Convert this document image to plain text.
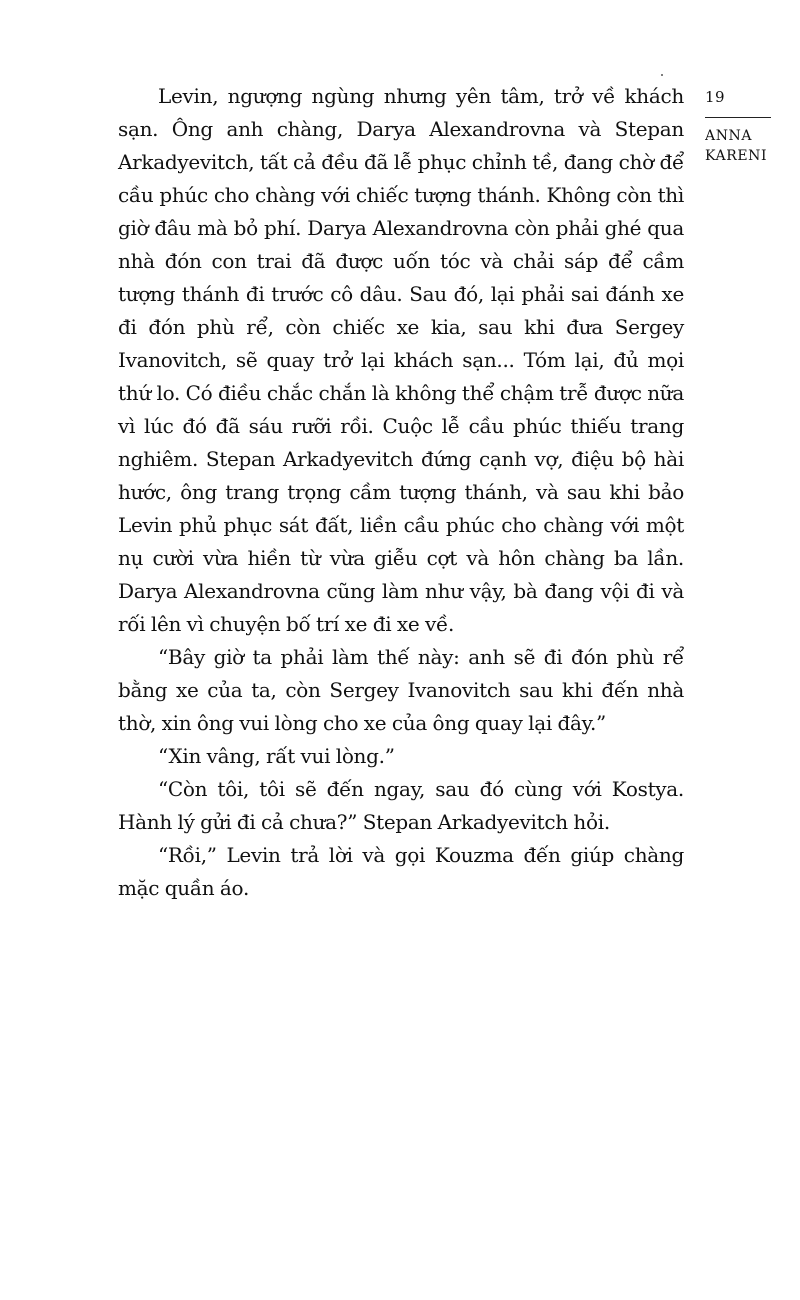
Levin, ngượng ngùng nhưng yên tâm, trở về khách sạn. Ông anh chàng, Darya Alexandrovna và Stepan Arkadyevitch, tất cả đều đã lễ phục chỉnh tề, đang chờ để cầu phúc cho chàng với chiếc tượng thánh. Không còn thì giờ đâu mà bỏ phí. Darya Alexandrovna còn phải ghé qua nhà đón con trai đã được uốn tóc và chải sáp để cầm tượng thánh đi trước cô dâu. Sau đó, lại phải sai đánh xe đi đón phù rể, còn chiếc xe kia, sau khi đưa Sergey Ivanovitch, sẽ quay trở lại khách sạn... Tóm lại, đủ mọi thứ lo. Có điều chắc chắn là không thể chậm trễ được nữa vì lúc đó đã sáu rưỡi rồi. Cuộc lễ cầu phúc thiếu trang nghiêm. Stepan Arkadyevitch đứng cạnh vợ, điệu bộ hài hước, ông trang trọng cầm tượng thánh, và sau khi bảo Levin phủ phục sát đất, liền cầu phúc cho chàng với một nụ cười vừa hiền từ vừa giễu cợt và hôn chàng ba lần. Darya Alexandrovna cũng làm như vậy, bà đang vội đi và rối lên vì chuyện bố trí xe đi xe về.

“Bây giờ ta phải làm thế này: anh sẽ đi đón phù rể bằng xe của ta, còn Sergey Ivanovitch sau khi đến nhà thờ, xin ông vui lòng cho xe của ông quay lại đây.”

“Xin vâng, rất vui lòng.”

“Còn tôi, tôi sẽ đến ngay, sau đó cùng với Kostya. Hành lý gửi đi cả chưa?” Stepan Arkadyevitch hỏi.

“Rồi,” Levin trả lời và gọi Kouzma đến giúp chàng mặc quần áo.

19
ANNA
KARENI
